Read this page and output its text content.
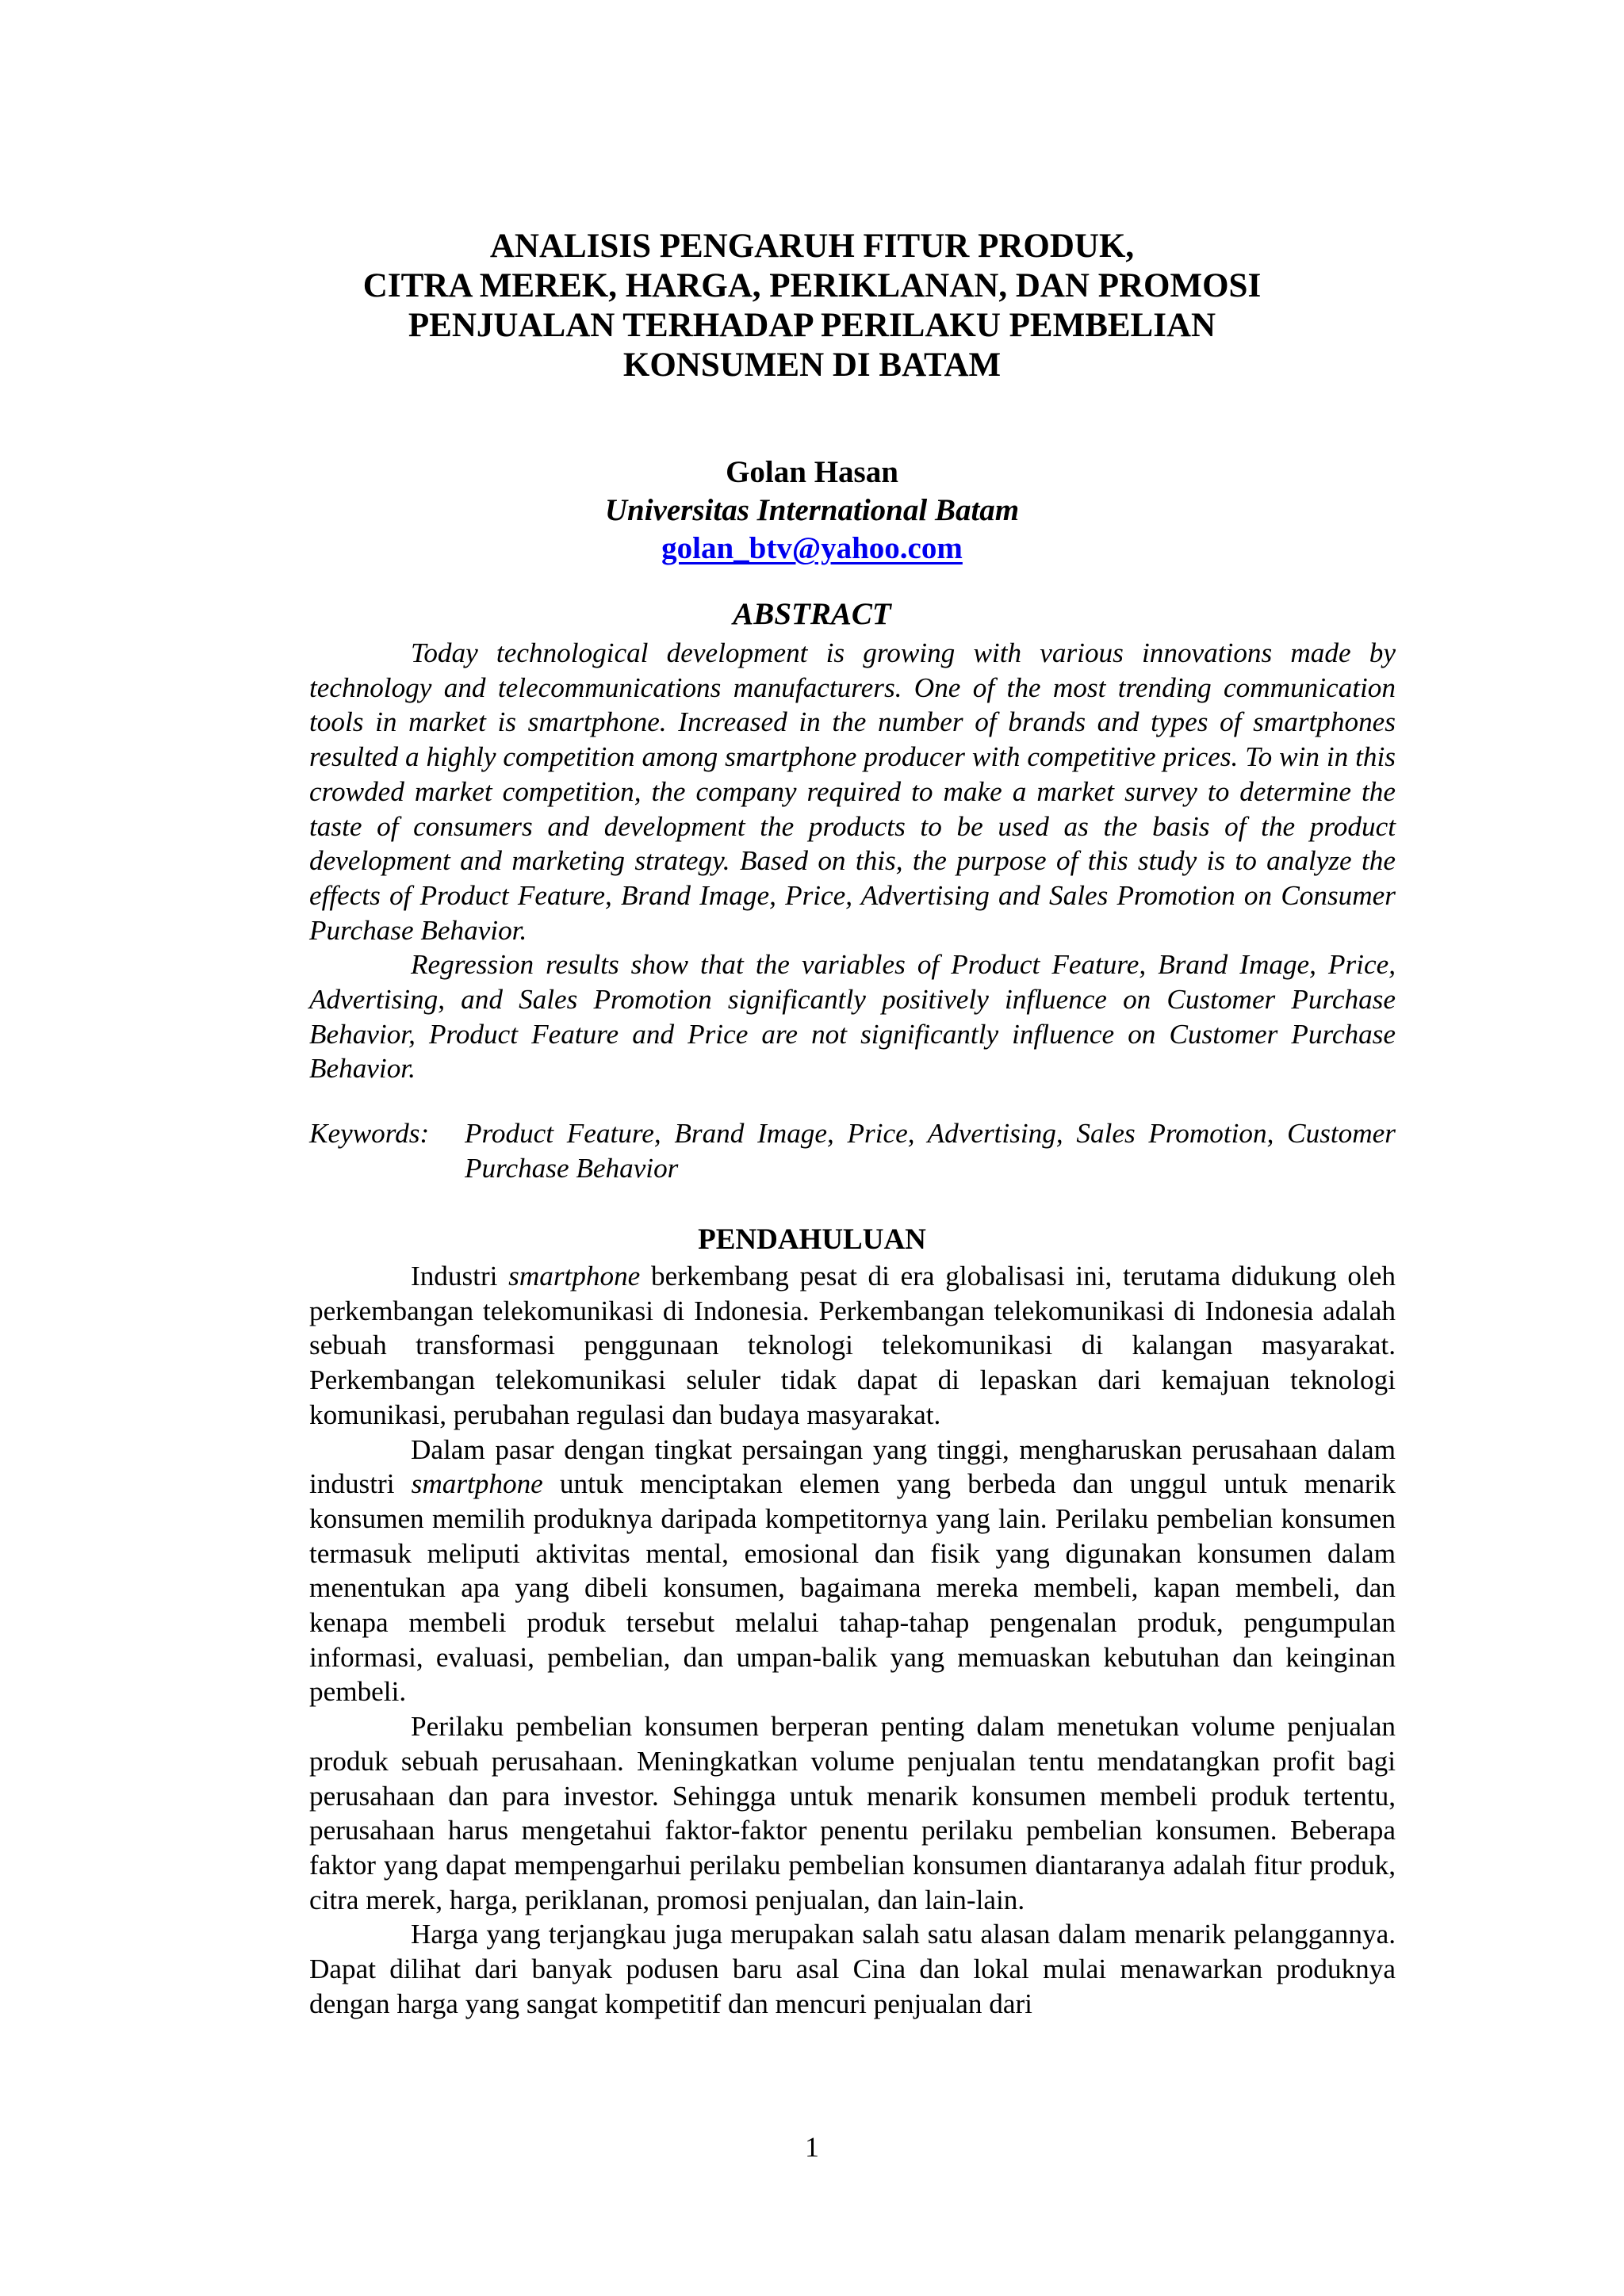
ANALISIS PENGARUH FITUR PRODUK,
CITRA MEREK, HARGA, PERIKLANAN, DAN PROMOSI
PENJUALAN TERHADAP PERILAKU PEMBELIAN
KONSUMEN DI BATAM
Golan Hasan
Universitas International Batam
golan_btv@yahoo.com
ABSTRACT

Today technological development is growing with various innovations made by technology and telecommunications manufacturers. One of the most trending communication tools in market is smartphone. Increased in the number of brands and types of smartphones resulted a highly competition among smartphone producer with competitive prices. To win in this crowded market competition, the company required to make a market survey to determine the taste of consumers and development the products to be used as the basis of the product development and marketing strategy. Based on this, the purpose of this study is to analyze the effects of Product Feature, Brand Image, Price, Advertising and Sales Promotion on Consumer Purchase Behavior.

Regression results show that the variables of Product Feature, Brand Image, Price, Advertising, and Sales Promotion significantly positively influence on Customer Purchase Behavior, Product Feature and Price are not significantly influence on Customer Purchase Behavior.

Keywords:	Product Feature, Brand Image, Price, Advertising, Sales Promotion, Customer Purchase Behavior
PENDAHULUAN

Industri smartphone berkembang pesat di era globalisasi ini, terutama didukung oleh perkembangan telekomunikasi di Indonesia. Perkembangan telekomunikasi di Indonesia adalah sebuah transformasi penggunaan teknologi telekomunikasi di kalangan masyarakat. Perkembangan telekomunikasi seluler tidak dapat di lepaskan dari kemajuan teknologi komunikasi, perubahan regulasi dan budaya masyarakat.

Dalam pasar dengan tingkat persaingan yang tinggi, mengharuskan perusahaan dalam industri smartphone untuk menciptakan elemen yang berbeda dan unggul untuk menarik konsumen memilih produknya daripada kompetitornya yang lain. Perilaku pembelian konsumen termasuk meliputi aktivitas mental, emosional dan fisik yang digunakan konsumen dalam menentukan apa yang dibeli konsumen, bagaimana mereka membeli, kapan membeli, dan kenapa membeli produk tersebut melalui tahap-tahap pengenalan produk, pengumpulan informasi, evaluasi, pembelian, dan umpan-balik yang memuaskan kebutuhan dan keinginan pembeli.

Perilaku pembelian konsumen berperan penting dalam menetukan volume penjualan produk sebuah perusahaan. Meningkatkan volume penjualan tentu mendatangkan profit bagi perusahaan dan para investor. Sehingga untuk menarik konsumen membeli produk tertentu, perusahaan harus mengetahui faktor-faktor penentu perilaku pembelian konsumen. Beberapa faktor yang dapat mempengarhui perilaku pembelian konsumen diantaranya adalah fitur produk, citra merek, harga, periklanan, promosi penjualan, dan lain-lain.

Harga yang terjangkau juga merupakan salah satu alasan dalam menarik pelanggannya. Dapat dilihat dari banyak podusen baru asal Cina dan lokal mulai menawarkan produknya dengan harga yang sangat kompetitif dan mencuri penjualan dari

1
